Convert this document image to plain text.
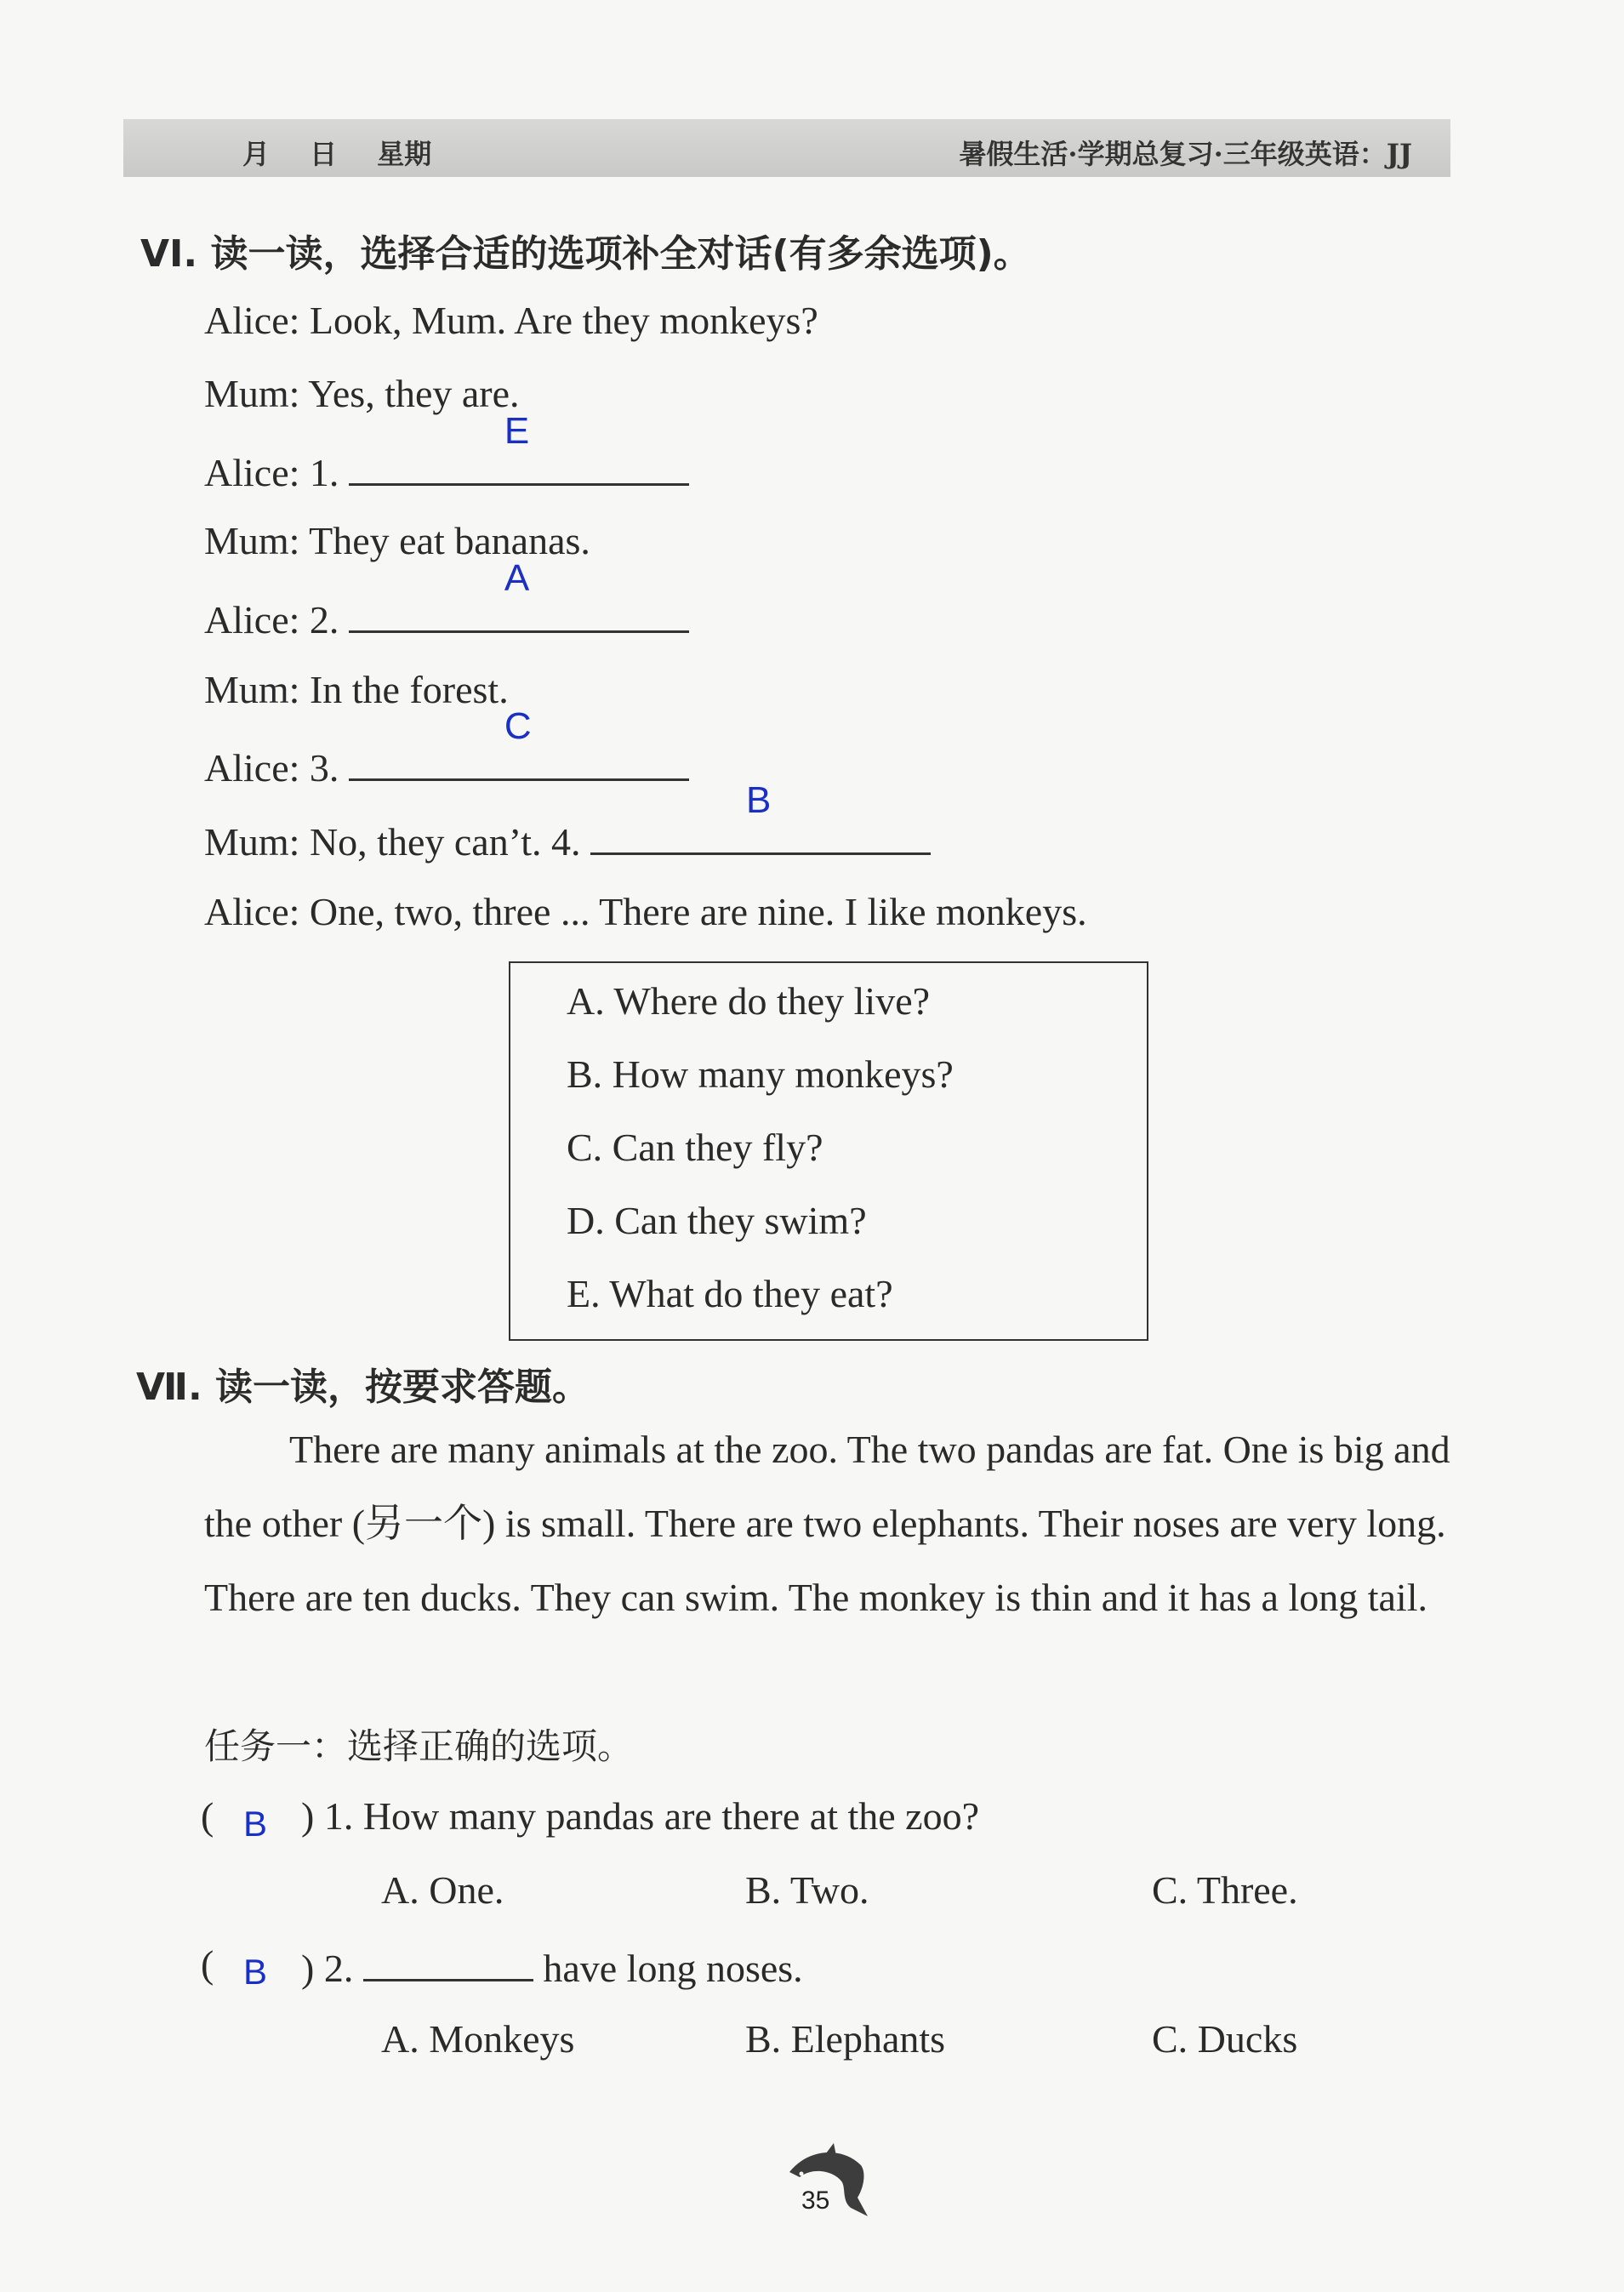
月 日 星期	暑假生活·学期总复习·三年级英语：JJ
VI. 读一读，选择合适的选项补全对话(有多余选项)。
Alice: Look, Mum. Are they monkeys?
Mum: Yes, they are.
Alice: 1.
E
Mum: They eat bananas.
Alice: 2.
A
Mum: In the forest.
Alice: 3.
C
Mum: No, they can’t. 4.
B
Alice: One, two, three ... There are nine. I like monkeys.
A. Where do they live?
B. How many monkeys?
C. Can they fly?
D. Can they swim?
E. What do they eat?
Ⅶ. 读一读，按要求答题。
There are many animals at the zoo. The two pandas are fat. One is big and the other (另一个) is small. There are two elephants. Their noses are very long. There are ten ducks. They can swim. The monkey is thin and it has a long tail.
任务一：选择正确的选项。
( B ) 1. How many pandas are there at the zoo?
A. One.	B. Two.	C. Three.
( B ) 2.	have long noses.
A. Monkeys	B. Elephants	C. Ducks
35
